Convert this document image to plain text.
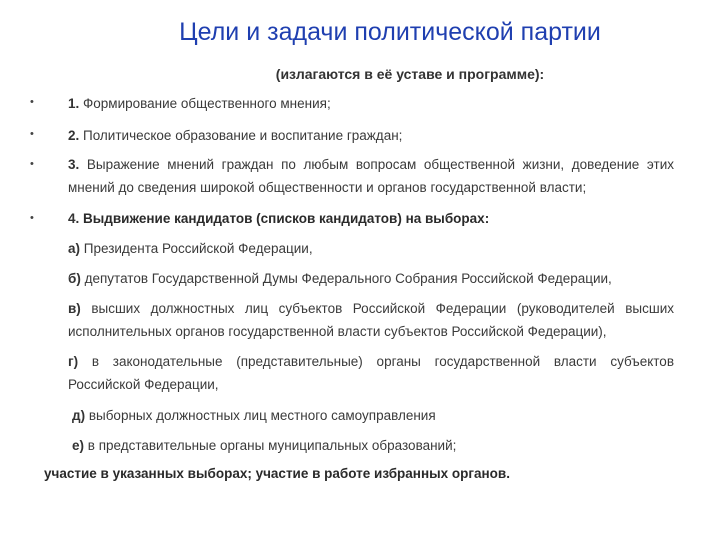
Цели и задачи политической партии
(излагаются в её уставе и программе):
•	1. Формирование общественного мнения;
•	2. Политическое образование и воспитание граждан;
•	3. Выражение мнений граждан по любым вопросам общественной жизни, доведение этих мнений до сведения широкой общественности и органов государственной власти;
•	4. Выдвижение кандидатов (списков кандидатов) на выборах:
а) Президента Российской Федерации,
б) депутатов Государственной Думы Федерального Собрания Российской Федерации,
в) высших должностных лиц субъектов Российской Федерации (руководителей высших исполнительных органов государственной власти субъектов Российской Федерации),
г) в законодательные (представительные) органы государственной власти субъектов Российской Федерации,
д) выборных должностных лиц местного самоуправления
е) в представительные органы муниципальных образований;
участие в указанных выборах; участие в работе избранных органов.
